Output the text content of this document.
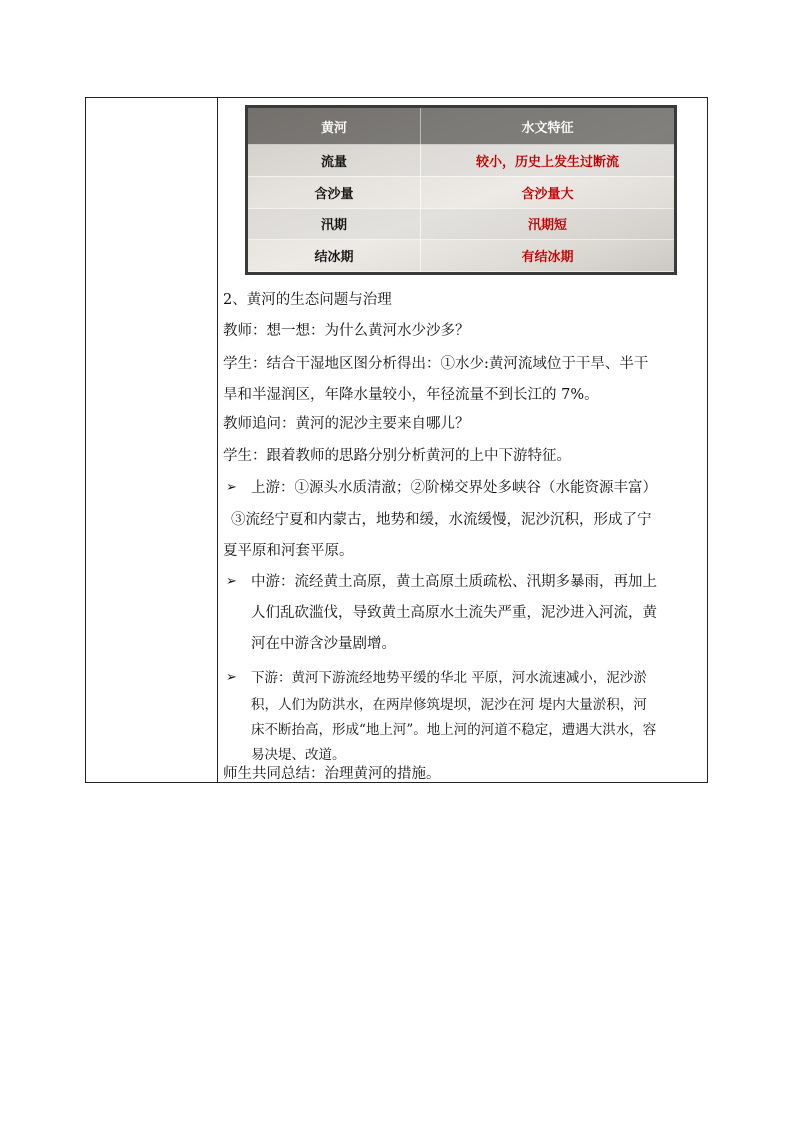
黄河	水文特征
流量	较小，历史上发生过断流
含沙量	含沙量大
汛期	汛期短
结冰期	有结冰期
2、黄河的生态问题与治理
教师：想一想：为什么黄河水少沙多？
学生：结合干湿地区图分析得出：①水少:黄河流域位于干旱、半干
旱和半湿润区，年降水量较小，年径流量不到长江的 7%。
教师追问：黄河的泥沙主要来自哪儿？
学生：跟着教师的思路分别分析黄河的上中下游特征。
➢ 上游：①源头水质清澈；②阶梯交界处多峡谷（水能资源丰富）
③流经宁夏和内蒙古，地势和缓，水流缓慢，泥沙沉积，形成了宁
夏平原和河套平原。
➢ 中游：流经黄土高原，黄土高原土质疏松、汛期多暴雨，再加上
人们乱砍滥伐，导致黄土高原水土流失严重，泥沙进入河流，黄
河在中游含沙量剧增。
➢ 下游：黄河下游流经地势平缓的华北 平原，河水流速减小，泥沙淤
积，人们为防洪水，在两岸修筑堤坝，泥沙在河 堤内大量淤积，河
床不断抬高，形成“地上河”。地上河的河道不稳定，遭遇大洪水，容
易决堤、改道。
师生共同总结：治理黄河的措施。
